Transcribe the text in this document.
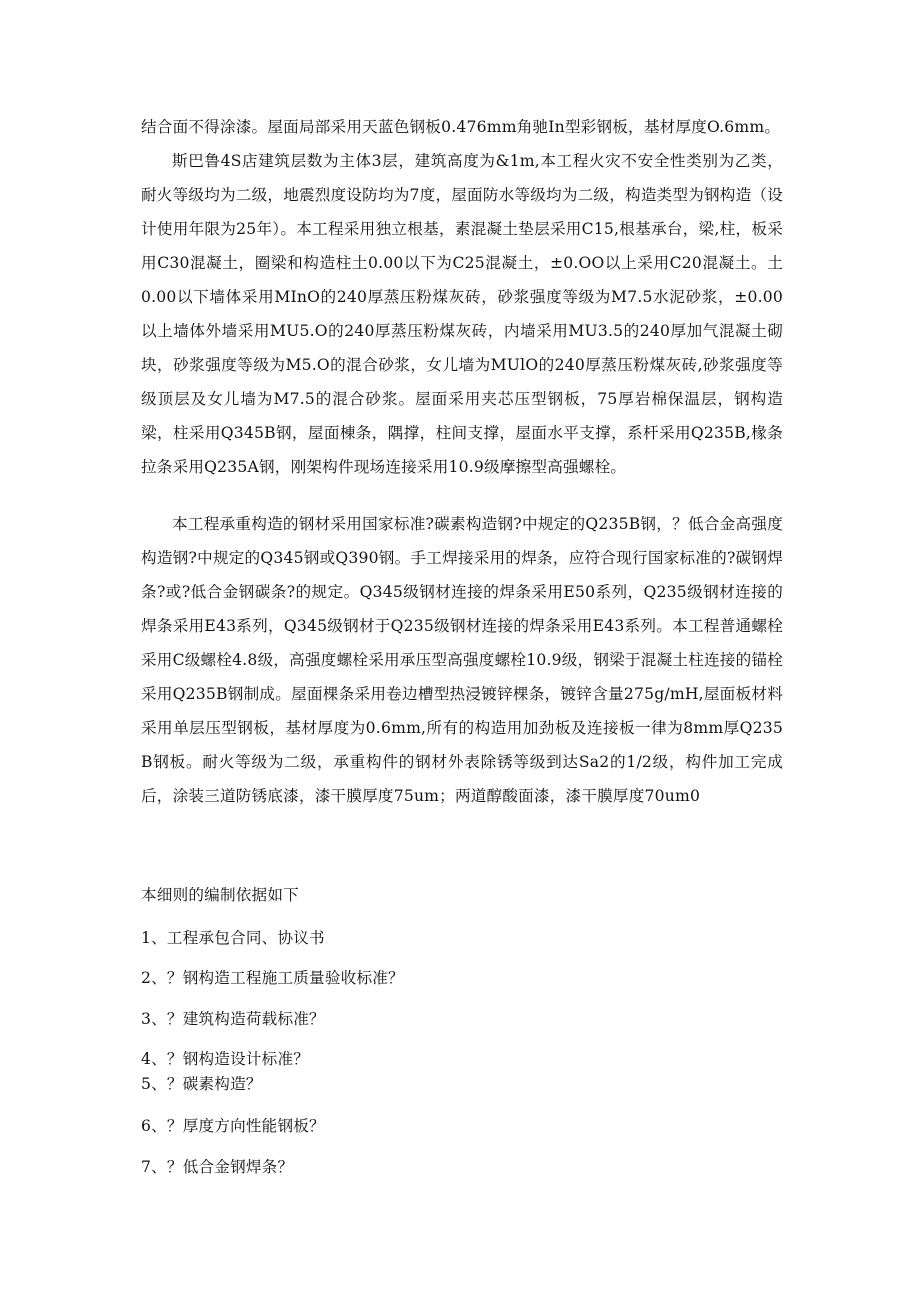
结合面不得涂漆。屋面局部采用天蓝色钢板0.476mm角驰In型彩钢板，基材厚度O.6mm。

斯巴鲁4S店建筑层数为主体3层，建筑高度为&1m,本工程火灾不安全性类别为乙类，耐火等级均为二级，地震烈度设防均为7度，屋面防水等级均为二级，构造类型为钢构造（设计使用年限为25年）。本工程采用独立根基，素混凝土垫层采用C15,根基承台，梁,柱，板采用C30混凝土，圈梁和构造柱土0.00以下为C25混凝土，±0.OO以上采用C20混凝土。土0.00以下墙体采用MInO的240厚蒸压粉煤灰砖，砂浆强度等级为M7.5水泥砂浆，±0.00以上墙体外墙采用MU5.O的240厚蒸压粉煤灰砖，内墙采用MU3.5的240厚加气混凝土砌块，砂浆强度等级为M5.O的混合砂浆，女儿墙为MUlO的240厚蒸压粉煤灰砖,砂浆强度等级顶层及女儿墙为M7.5的混合砂浆。屋面采用夹芯压型钢板，75厚岩棉保温层，钢构造梁，柱采用Q345B钢，屋面棟条，隅撑，柱间支撑，屋面水平支撑，系杆采用Q235B,椽条拉条采用Q235A钢，刚架构件现场连接采用10.9级摩擦型高强螺栓。

本工程承重构造的钢材采用国家标准?碳素构造钢?中规定的Q235B钢，？低合金高强度构造钢?中规定的Q345钢或Q390钢。手工焊接采用的焊条，应符合现行国家标准的?碳钢焊条?或?低合金钢碳条?的规定。Q345级钢材连接的焊条采用E50系列，Q235级钢材连接的焊条采用E43系列，Q345级钢材于Q235级钢材连接的焊条采用E43系列。本工程普通螺栓采用C级螺栓4.8级，高强度螺栓采用承压型高强度螺栓10.9级，钢梁于混凝土柱连接的锚栓采用Q235B钢制成。屋面棵条采用卷边槽型热浸镀锌棵条，镀锌含量275g∕mH,屋面板材料采用单层压型钢板，基材厚度为0.6mm,所有的构造用加劲板及连接板一律为8mm厚Q235B钢板。耐火等级为二级，承重构件的钢材外表除锈等级到达Sa2的1/2级，构件加工完成后，涂装三道防锈底漆，漆干膜厚度75um；两道醇酸面漆，漆干膜厚度70um0

本细则的编制依据如下

1、工程承包合同、协议书

2、？钢构造工程施工质量验收标准？

3、？建筑构造荷载标准？

4、？钢构造设计标准？

5、？碳素构造？

6、？厚度方向性能钢板？

7、？低合金钢焊条？
